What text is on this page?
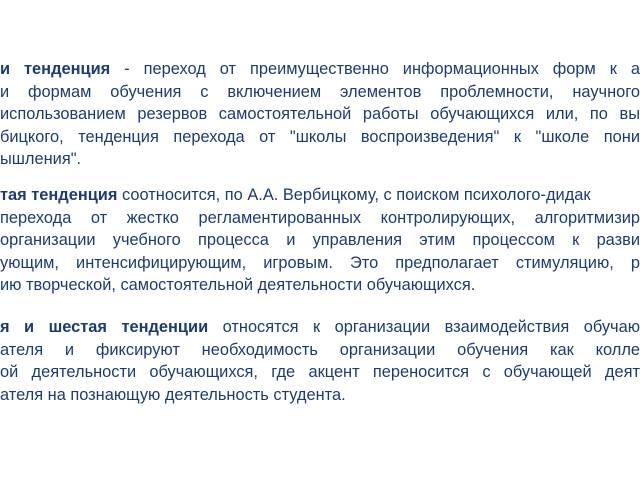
и тенденция - переход от преимущественно информационных форм к а
и формам обучения с включением элементов проблемности, научного
использованием резервов самостоятельной работы обучающихся или, по вы
бицкого, тенденция перехода от "школы воспроизведения" к "школе пони
ышления".
тая тенденция соотносится, по А.А. Вербицкому, с поиском психолого-дидак
перехода от жестко регламентированных контролирующих, алгоритмизир
организации учебного процесса и управления этим процессом к разви
ующим, интенсифицирующим, игровым. Это предполагает стимуляцию, р
ию творческой, самостоятельной деятельности обучающихся.
я и шестая тенденции относятся к организации взаимодействия обучаю
ателя и фиксируют необходимость организации обучения как колле
ой деятельности обучающихся, где акцент переносится с обучающей деят
ателя на познающую деятельность студента.
